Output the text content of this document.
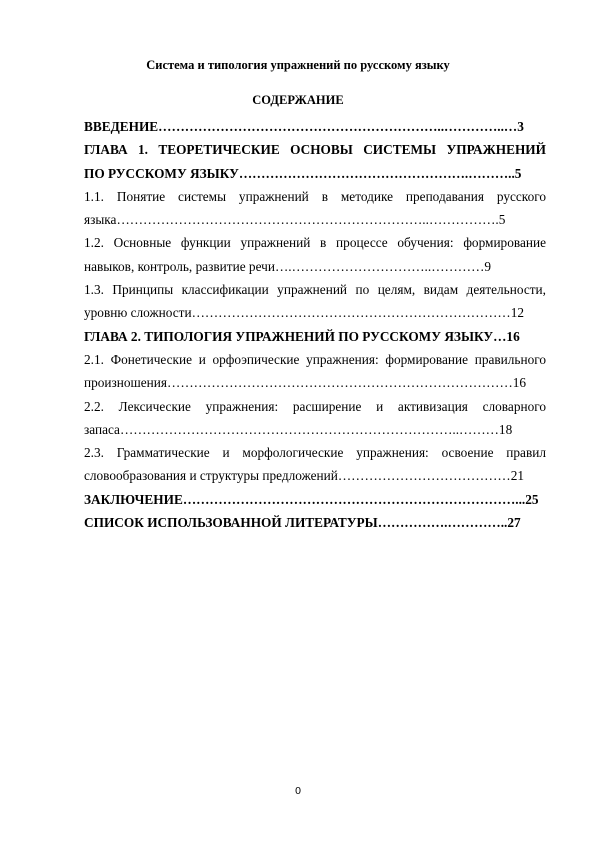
Система и типология упражнений по русскому языку
СОДЕРЖАНИЕ
ВВЕДЕНИЕ………………………………………………………..…………..…3
ГЛАВА 1. ТЕОРЕТИЧЕСКИЕ ОСНОВЫ СИСТЕМЫ УПРАЖНЕНИЙ
ПО РУССКОМУ ЯЗЫКУ…………………………………………….………..5
1.1. Понятие системы упражнений в методике преподавания русского
языка……………………………………………………………..…………….5
1.2. Основные функции упражнений в процессе обучения: формирование
навыков, контроль, развитие речи….…………………………..…………9
1.3. Принципы классификации упражнений по целям, видам деятельности,
уровню сложности………………………………………………………………12
ГЛАВА 2. ТИПОЛОГИЯ УПРАЖНЕНИЙ ПО РУССКОМУ ЯЗЫКУ…16
2.1. Фонетические и орфоэпические упражнения: формирование правильного
произношения……………………………………………………………………16
2.2. Лексические упражнения: расширение и активизация словарного
запаса…………………………………………………………………..………18
2.3. Грамматические и морфологические упражнения: освоение правил
словообразования и структуры предложений…………………………………21
ЗАКЛЮЧЕНИЕ…………………………………………………………………...25
СПИСОК ИСПОЛЬЗОВАННОЙ ЛИТЕРАТУРЫ…………….…………..27
0
